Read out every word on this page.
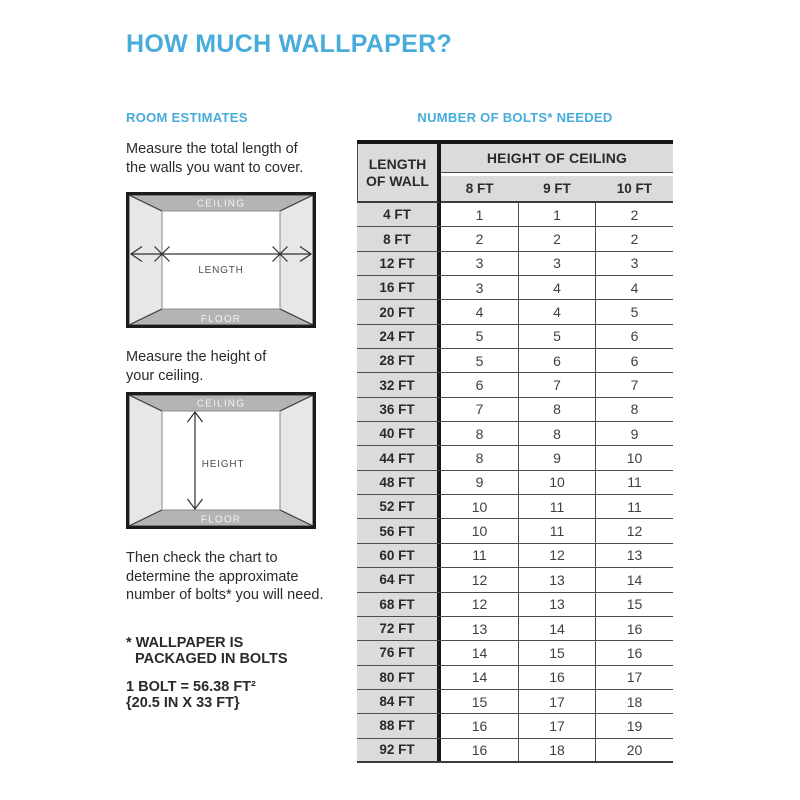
HOW MUCH WALLPAPER?
ROOM ESTIMATES
Measure the total length of
the walls you want to cover.
CEILING
FLOOR
LENGTH
Measure the height of
your ceiling.
CEILING
FLOOR
HEIGHT
Then check the chart to
determine the approximate
number of bolts* you will need.
* WALLPAPER IS
PACKAGED IN BOLTS
1 BOLT = 56.38 FT²
{20.5 IN X 33 FT}
NUMBER OF BOLTS* NEEDED
LENGTH OF WALL
HEIGHT OF CEILING
8 FT	9 FT	10 FT
4 FT	1	1	2
8 FT	2	2	2
12 FT	3	3	3
16 FT	3	4	4
20 FT	4	4	5
24 FT	5	5	6
28 FT	5	6	6
32 FT	6	7	7
36 FT	7	8	8
40 FT	8	8	9
44 FT	8	9	10
48 FT	9	10	11
52 FT	10	11	11
56 FT	10	11	12
60 FT	11	12	13
64 FT	12	13	14
68 FT	12	13	15
72 FT	13	14	16
76 FT	14	15	16
80 FT	14	16	17
84 FT	15	17	18
88 FT	16	17	19
92 FT	16	18	20
